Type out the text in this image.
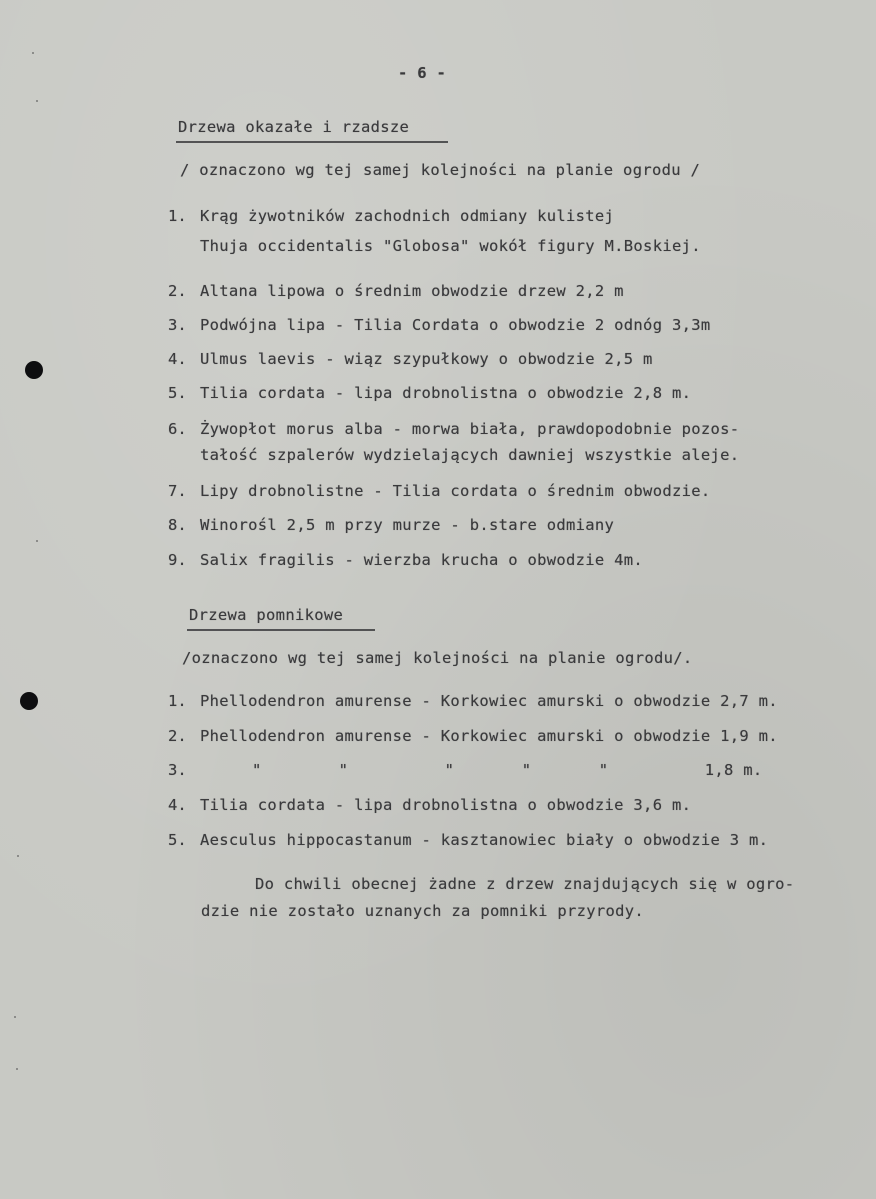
- 6 -
Drzewa okazałe i rzadsze
/ oznaczono wg tej samej kolejności na planie ogrodu /
1. Krąg żywotników zachodnich odmiany kulistej
Thuja occidentalis "Globosa" wokół figury M.Boskiej.
2. Altana lipowa o średnim obwodzie drzew 2,2 m
3. Podwójna lipa - Tilia Cordata o obwodzie 2 odnóg 3,3m
4. Ulmus laevis - wiąz szypułkowy o obwodzie 2,5 m
5. Tilia cordata - lipa drobnolistna o obwodzie 2,8 m.
6. Żywopłot morus alba - morwa biała, prawdopodobnie pozos-
tałość szpalerów wydzielających dawniej wszystkie aleje.
7. Lipy drobnolistne - Tilia cordata o średnim obwodzie.
8. Winorośl 2,5 m przy murze - b.stare odmiany
9. Salix fragilis - wierzba krucha o obwodzie 4m.
Drzewa pomnikowe
/oznaczono wg tej samej kolejności na planie ogrodu/.
1. Phellodendron amurense - Korkowiec amurski o obwodzie 2,7 m.
2. Phellodendron amurense - Korkowiec amurski o obwodzie 1,9 m.
3.	"        "          "       "       "          1,8 m.
4. Tilia cordata - lipa drobnolistna o obwodzie 3,6 m.
5. Aesculus hippocastanum - kasztanowiec biały o obwodzie 3 m.
Do chwili obecnej żadne z drzew znajdujących się w ogro-
dzie nie zostało uznanych za pomniki przyrody.
